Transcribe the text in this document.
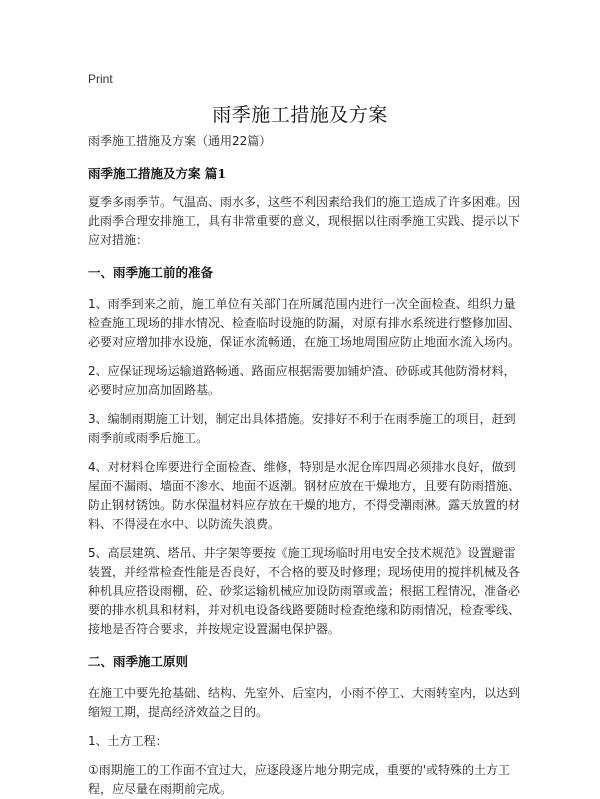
Print
雨季施工措施及方案

雨季施工措施及方案（通用22篇）

雨季施工措施及方案 篇1

夏季多雨季节。气温高、雨水多，这些不利因素给我们的施工造成了许多困难。因此雨季合理安排施工，具有非常重要的意义，现根据以往雨季施工实践、提示以下应对措施：

一、雨季施工前的准备

1、雨季到来之前，施工单位有关部门在所属范围内进行一次全面检查、组织力量检查施工现场的排水情况、检查临时设施的防漏，对原有排水系统进行整修加固、必要对应增加排水设施，保证水流畅通，在施工场地周围应防止地面水流入场内。

2、应保证现场运输道路畅通、路面应根据需要加铺炉渣、砂砾或其他防滑材料，必要时应加高加固路基。

3、编制雨期施工计划，制定出具体措施。安排好不利于在雨季施工的项目，赶到雨季前或雨季后施工。

4、对材料仓库要进行全面检查、维修，特别是水泥仓库四周必须排水良好，做到屋面不漏雨、墙面不渗水、地面不返潮。钢材应放在干燥地方，且要有防雨措施、防止钢材锈蚀。防水保温材料应存放在干燥的地方，不得受潮雨淋。露天放置的材料、不得浸在水中、以防流失浪费。

5、高层建筑、塔吊、井字架等要按《施工现场临时用电安全技术规范》设置避雷装置，并经常检查性能是否良好，不合格的要及时修理；现场使用的搅拌机械及各种机具应搭设雨棚，砼、砂浆运输机械应加设防雨罩或盖；根据工程情况，准备必要的排水机具和材料，并对机电设备线路要随时检查绝缘和防雨情况，检查零线、接地是否符合要求，并按规定设置漏电保护器。

二、雨季施工原则

在施工中要先抢基础、结构、先室外、后室内，小雨不停工、大雨转室内，以达到缩短工期，提高经济效益之目的。

1、土方工程：

①雨期施工的工作面不宜过大，应逐段逐片地分期完成，重要的'或特殊的土方工程，应尽量在雨期前完成。
